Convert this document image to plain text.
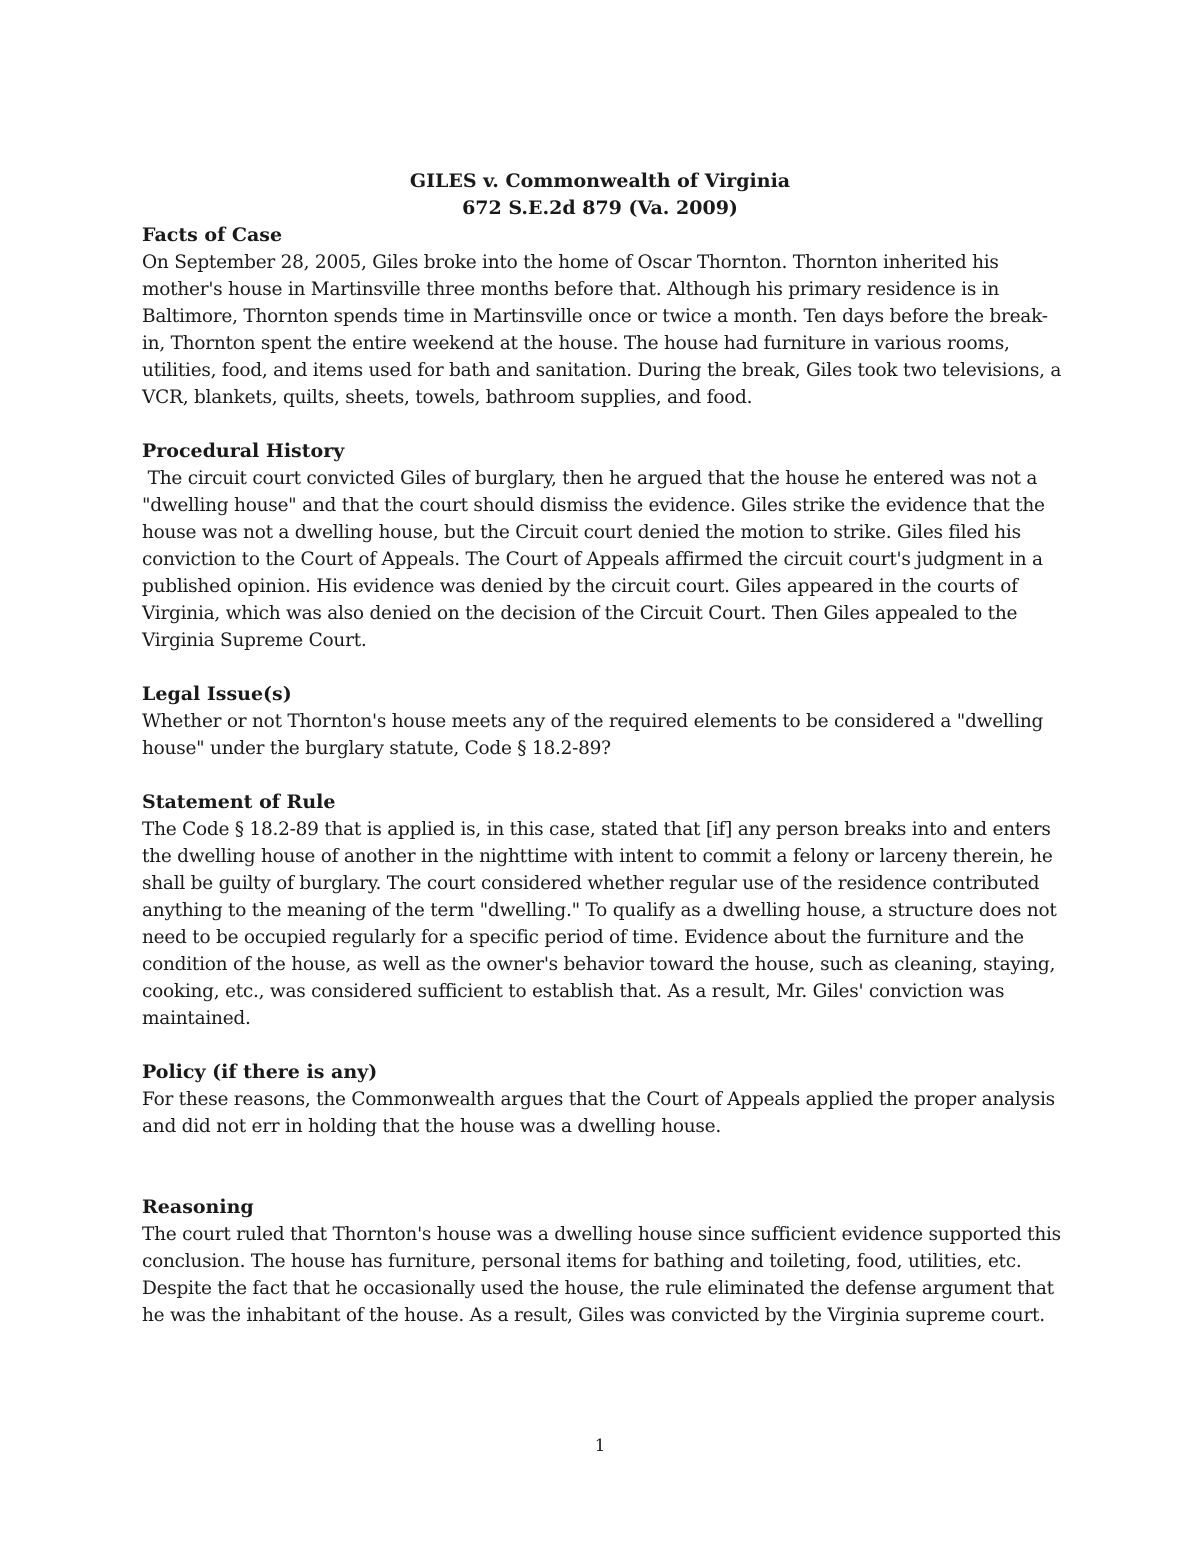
GILES v. Commonwealth of Virginia
672 S.E.2d 879 (Va. 2009)
Facts of Case

On September 28, 2005, Giles broke into the home of Oscar Thornton. Thornton inherited his mother's house in Martinsville three months before that. Although his primary residence is in Baltimore, Thornton spends time in Martinsville once or twice a month. Ten days before the break-in, Thornton spent the entire weekend at the house. The house had furniture in various rooms, utilities, food, and items used for bath and sanitation. During the break, Giles took two televisions, a VCR, blankets, quilts, sheets, towels, bathroom supplies, and food.

Procedural History

The circuit court convicted Giles of burglary, then he argued that the house he entered was not a "dwelling house" and that the court should dismiss the evidence. Giles strike the evidence that the house was not a dwelling house, but the Circuit court denied the motion to strike. Giles filed his conviction to the Court of Appeals. The Court of Appeals affirmed the circuit court's judgment in a published opinion. His evidence was denied by the circuit court. Giles appeared in the courts of Virginia, which was also denied on the decision of the Circuit Court. Then Giles appealed to the Virginia Supreme Court.

Legal Issue(s)

Whether or not Thornton's house meets any of the required elements to be considered a "dwelling house" under the burglary statute, Code § 18.2-89?

Statement of Rule

The Code § 18.2-89 that is applied is, in this case, stated that [if] any person breaks into and enters the dwelling house of another in the nighttime with intent to commit a felony or larceny therein, he shall be guilty of burglary. The court considered whether regular use of the residence contributed anything to the meaning of the term "dwelling." To qualify as a dwelling house, a structure does not need to be occupied regularly for a specific period of time. Evidence about the furniture and the condition of the house, as well as the owner's behavior toward the house, such as cleaning, staying, cooking, etc., was considered sufficient to establish that. As a result, Mr. Giles' conviction was maintained.

Policy (if there is any)

For these reasons, the Commonwealth argues that the Court of Appeals applied the proper analysis and did not err in holding that the house was a dwelling house.

Reasoning

The court ruled that Thornton's house was a dwelling house since sufficient evidence supported this conclusion. The house has furniture, personal items for bathing and toileting, food, utilities, etc. Despite the fact that he occasionally used the house, the rule eliminated the defense argument that he was the inhabitant of the house. As a result, Giles was convicted by the Virginia supreme court.

1
